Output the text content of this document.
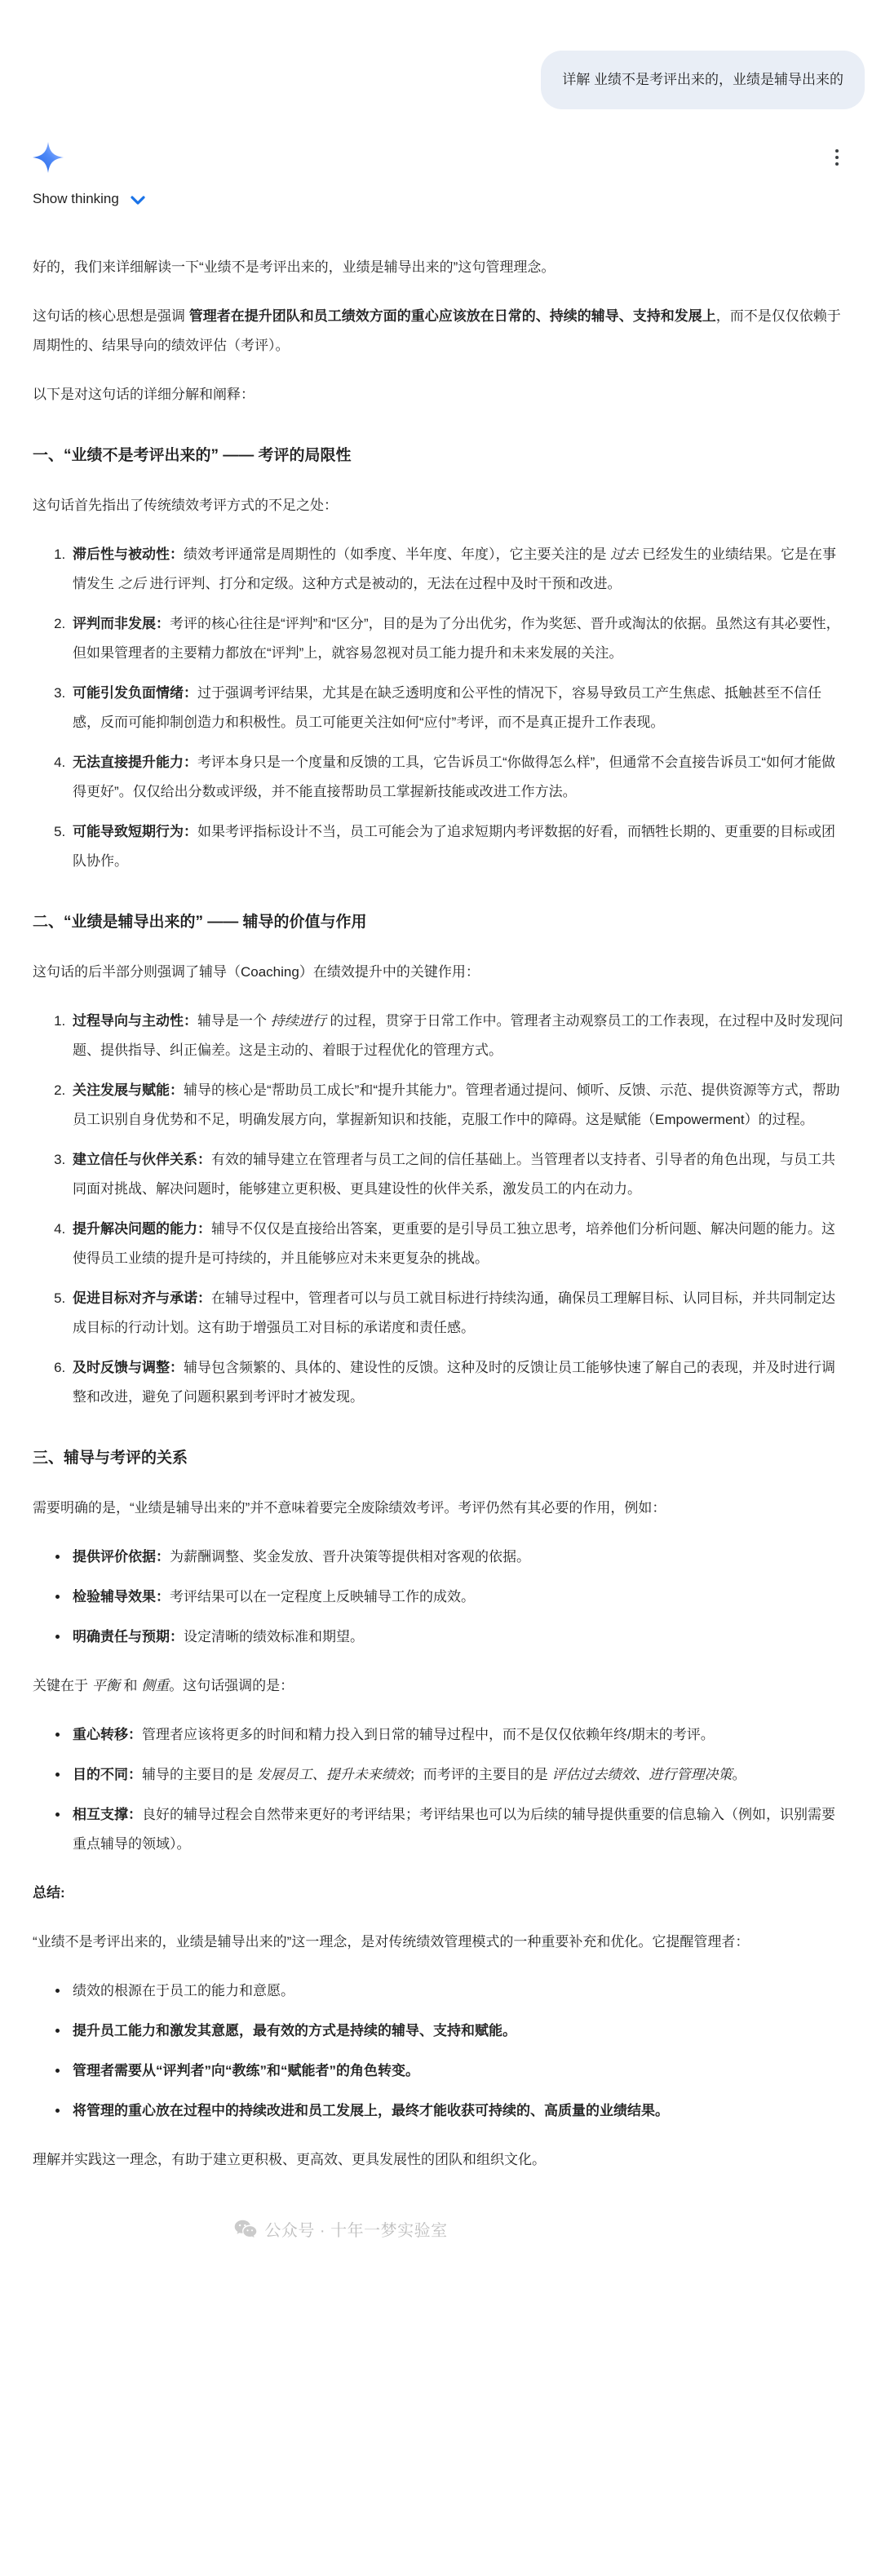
详解 业绩不是考评出来的，业绩是辅导出来的
Show thinking

好的，我们来详细解读一下“业绩不是考评出来的，业绩是辅导出来的”这句管理理念。

这句话的核心思想是强调 管理者在提升团队和员工绩效方面的重心应该放在日常的、持续的辅导、支持和发展上，而不是仅仅依赖于周期性的、结果导向的绩效评估（考评）。

以下是对这句话的详细分解和阐释：

一、“业绩不是考评出来的” —— 考评的局限性

这句话首先指出了传统绩效考评方式的不足之处：

1. 滞后性与被动性：绩效考评通常是周期性的（如季度、半年度、年度），它主要关注的是 过去 已经发生的业绩结果。它是在事情发生 之后 进行评判、打分和定级。这种方式是被动的，无法在过程中及时干预和改进。
2. 评判而非发展：考评的核心往往是“评判”和“区分”，目的是为了分出优劣，作为奖惩、晋升或淘汰的依据。虽然这有其必要性，但如果管理者的主要精力都放在“评判”上，就容易忽视对员工能力提升和未来发展的关注。
3. 可能引发负面情绪：过于强调考评结果，尤其是在缺乏透明度和公平性的情况下，容易导致员工产生焦虑、抵触甚至不信任感，反而可能抑制创造力和积极性。员工可能更关注如何“应付”考评，而不是真正提升工作表现。
4. 无法直接提升能力：考评本身只是一个度量和反馈的工具，它告诉员工“你做得怎么样”，但通常不会直接告诉员工“如何才能做得更好”。仅仅给出分数或评级，并不能直接帮助员工掌握新技能或改进工作方法。
5. 可能导致短期行为：如果考评指标设计不当，员工可能会为了追求短期内考评数据的好看，而牺牲长期的、更重要的目标或团队协作。
二、“业绩是辅导出来的” —— 辅导的价值与作用

这句话的后半部分则强调了辅导（Coaching）在绩效提升中的关键作用：

1. 过程导向与主动性：辅导是一个 持续进行 的过程，贯穿于日常工作中。管理者主动观察员工的工作表现，在过程中及时发现问题、提供指导、纠正偏差。这是主动的、着眼于过程优化的管理方式。
2. 关注发展与赋能：辅导的核心是“帮助员工成长”和“提升其能力”。管理者通过提问、倾听、反馈、示范、提供资源等方式，帮助员工识别自身优势和不足，明确发展方向，掌握新知识和技能，克服工作中的障碍。这是赋能（Empowerment）的过程。
3. 建立信任与伙伴关系：有效的辅导建立在管理者与员工之间的信任基础上。当管理者以支持者、引导者的角色出现，与员工共同面对挑战、解决问题时，能够建立更积极、更具建设性的伙伴关系，激发员工的内在动力。
4. 提升解决问题的能力：辅导不仅仅是直接给出答案，更重要的是引导员工独立思考，培养他们分析问题、解决问题的能力。这使得员工业绩的提升是可持续的，并且能够应对未来更复杂的挑战。
5. 促进目标对齐与承诺：在辅导过程中，管理者可以与员工就目标进行持续沟通，确保员工理解目标、认同目标，并共同制定达成目标的行动计划。这有助于增强员工对目标的承诺度和责任感。
6. 及时反馈与调整：辅导包含频繁的、具体的、建设性的反馈。这种及时的反馈让员工能够快速了解自己的表现，并及时进行调整和改进，避免了问题积累到考评时才被发现。
三、辅导与考评的关系

需要明确的是，“业绩是辅导出来的”并不意味着要完全废除绩效考评。考评仍然有其必要的作用，例如：

• 提供评价依据：为薪酬调整、奖金发放、晋升决策等提供相对客观的依据。
• 检验辅导效果：考评结果可以在一定程度上反映辅导工作的成效。
• 明确责任与预期：设定清晰的绩效标准和期望。

关键在于 平衡 和 侧重。这句话强调的是：

• 重心转移：管理者应该将更多的时间和精力投入到日常的辅导过程中，而不是仅仅依赖年终/期末的考评。
• 目的不同：辅导的主要目的是 发展员工、提升未来绩效；而考评的主要目的是 评估过去绩效、进行管理决策。
• 相互支撑：良好的辅导过程会自然带来更好的考评结果；考评结果也可以为后续的辅导提供重要的信息输入（例如，识别需要重点辅导的领域）。

总结:

“业绩不是考评出来的，业绩是辅导出来的”这一理念，是对传统绩效管理模式的一种重要补充和优化。它提醒管理者：

• 绩效的根源在于员工的能力和意愿。
• 提升员工能力和激发其意愿，最有效的方式是持续的辅导、支持和赋能。
• 管理者需要从“评判者”向“教练”和“赋能者”的角色转变。
• 将管理的重心放在过程中的持续改进和员工发展上，最终才能收获可持续的、高质量的业绩结果。

理解并实践这一理念，有助于建立更积极、更高效、更具发展性的团队和组织文化。

公众号 · 十年一梦实验室
